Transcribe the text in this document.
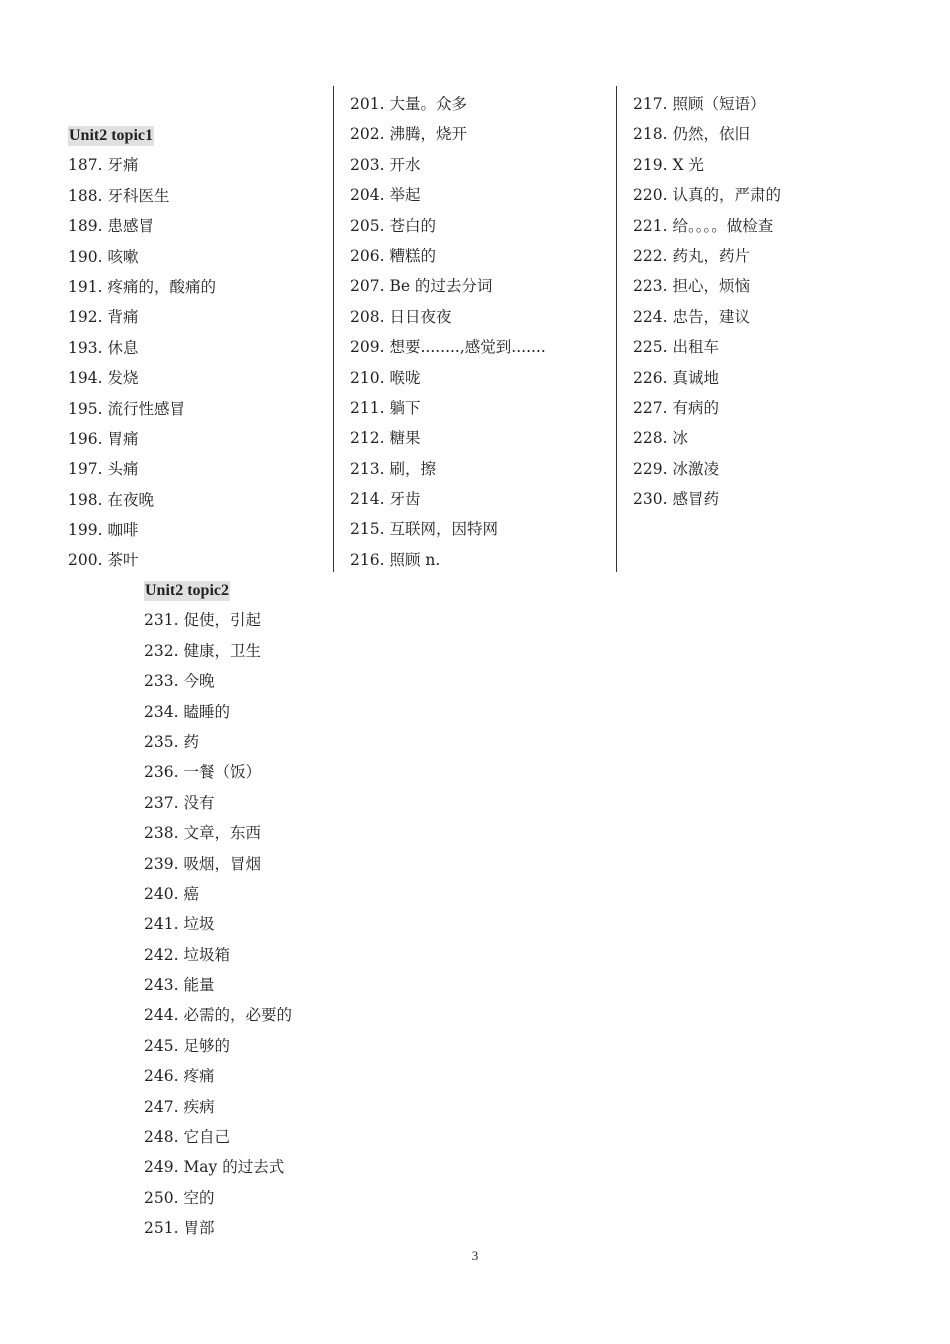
Unit2 topic1
187. 牙痛
188. 牙科医生
189. 患感冒
190. 咳嗽
191. 疼痛的，酸痛的
192. 背痛
193. 休息
194. 发烧
195. 流行性感冒
196. 胃痛
197. 头痛
198. 在夜晚
199. 咖啡
200. 茶叶
201. 大量。众多
202. 沸腾，烧开
203. 开水
204. 举起
205. 苍白的
206. 糟糕的
207. Be 的过去分词
208. 日日夜夜
209. 想要........,感觉到.......
210. 喉咙
211. 躺下
212. 糖果
213. 刷，擦
214. 牙齿
215. 互联网，因特网
216. 照顾 n.
217. 照顾（短语）
218. 仍然，依旧
219. X 光
220. 认真的，严肃的
221. 给。。。。做检查
222. 药丸，药片
223. 担心，烦恼
224. 忠告，建议
225. 出租车
226. 真诚地
227. 有病的
228. 冰
229. 冰激凌
230. 感冒药
Unit2 topic2
231. 促使，引起
232. 健康，卫生
233. 今晚
234. 瞌睡的
235. 药
236. 一餐（饭）
237. 没有
238. 文章，东西
239. 吸烟，冒烟
240. 癌
241. 垃圾
242. 垃圾箱
243. 能量
244. 必需的，必要的
245. 足够的
246. 疼痛
247. 疾病
248. 它自己
249. May 的过去式
250. 空的
251. 胃部
3
